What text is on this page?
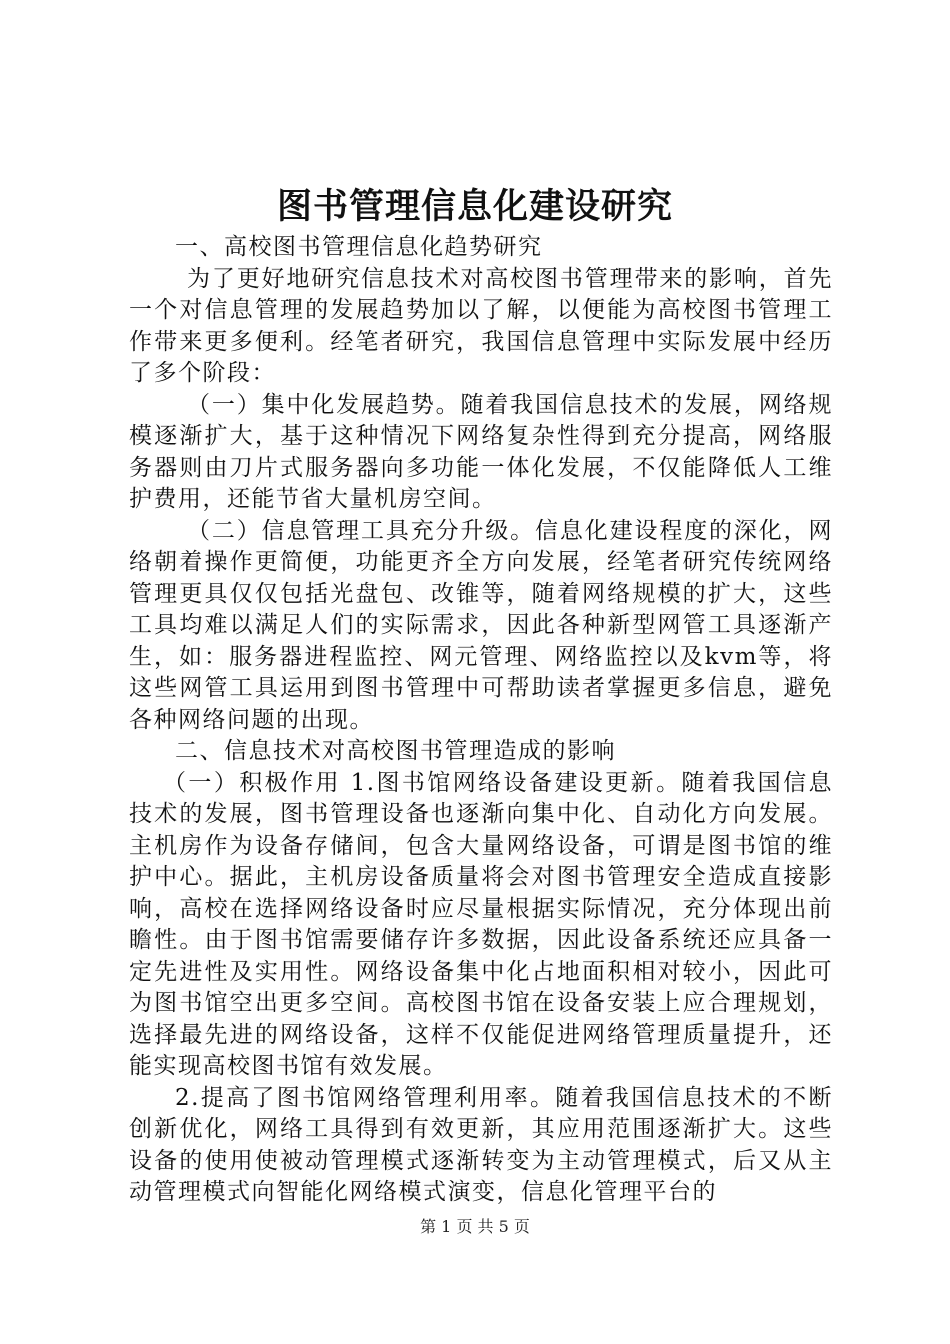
图书管理信息化建设研究

一、高校图书管理信息化趋势研究

为了更好地研究信息技术对高校图书管理带来的影响，首先一个对信息管理的发展趋势加以了解，以便能为高校图书管理工作带来更多便利。经笔者研究，我国信息管理中实际发展中经历了多个阶段：

（一）集中化发展趋势。随着我国信息技术的发展，网络规模逐渐扩大，基于这种情况下网络复杂性得到充分提高，网络服务器则由刀片式服务器向多功能一体化发展，不仅能降低人工维护费用，还能节省大量机房空间。

（二）信息管理工具充分升级。信息化建设程度的深化，网络朝着操作更简便，功能更齐全方向发展，经笔者研究传统网络管理更具仅仅包括光盘包、改锥等，随着网络规模的扩大，这些工具均难以满足人们的实际需求，因此各种新型网管工具逐渐产生，如：服务器进程监控、网元管理、网络监控以及kvm等，将这些网管工具运用到图书管理中可帮助读者掌握更多信息，避免各种网络问题的出现。

二、信息技术对高校图书管理造成的影响

（一）积极作用 1.图书馆网络设备建设更新。随着我国信息技术的发展，图书管理设备也逐渐向集中化、自动化方向发展。主机房作为设备存储间，包含大量网络设备，可谓是图书馆的维护中心。据此，主机房设备质量将会对图书管理安全造成直接影响，高校在选择网络设备时应尽量根据实际情况，充分体现出前瞻性。由于图书馆需要储存许多数据，因此设备系统还应具备一定先进性及实用性。网络设备集中化占地面积相对较小，因此可为图书馆空出更多空间。高校图书馆在设备安装上应合理规划，选择最先进的网络设备，这样不仅能促进网络管理质量提升，还能实现高校图书馆有效发展。

2.提高了图书馆网络管理利用率。随着我国信息技术的不断创新优化，网络工具得到有效更新，其应用范围逐渐扩大。这些设备的使用使被动管理模式逐渐转变为主动管理模式，后又从主动管理模式向智能化网络模式演变，信息化管理平台的

第 1 页 共 5 页
